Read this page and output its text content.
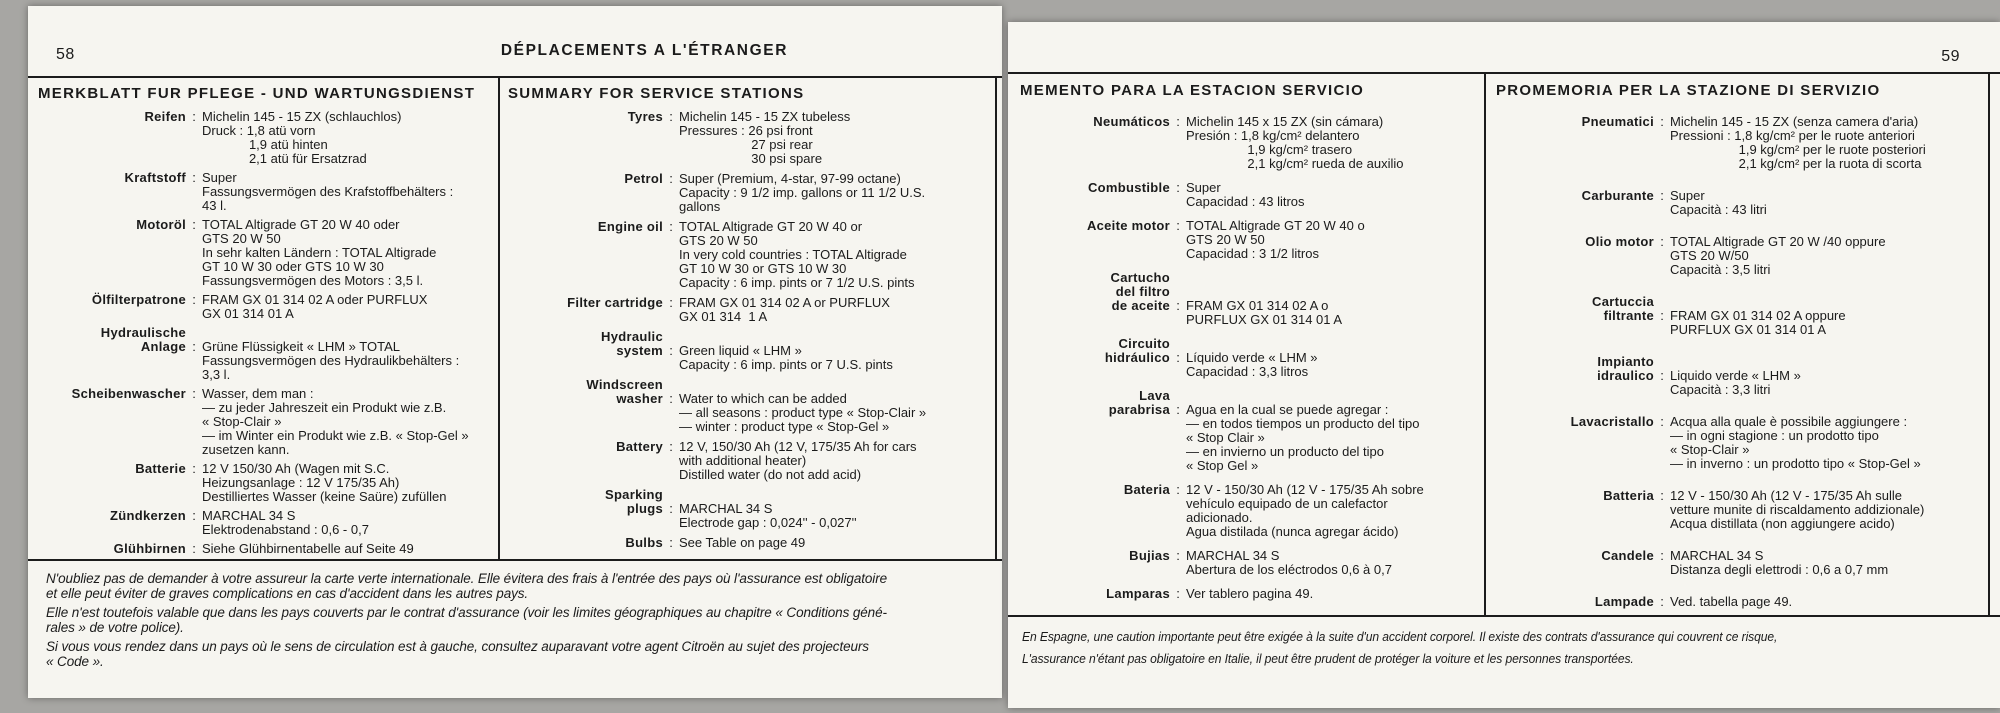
58	DÉPLACEMENTS A L'ÉTRANGER
MERKBLATT FUR PFLEGE - UND WARTUNGSDIENST
Reifen : Michelin 145 - 15 ZX (schlauchlos)
Druck : 1,8 atü vorn
1,9 atü hinten
2,1 atü für Ersatzrad
Kraftstoff : Super
Fassungsvermögen des Krafstoffbehälters :
43 l.
Motoröl : TOTAL Altigrade GT 20 W 40 oder
GTS 20 W 50
In sehr kalten Ländern : TOTAL Altigrade
GT 10 W 30 oder GTS 10 W 30
Fassungsvermögen des Motors : 3,5 l.
Ölfilterpatrone : FRAM GX 01 314 02 A oder PURFLUX
GX 01 314 01 A
Hydraulische
Anlage : Grüne Flüssigkeit « LHM » TOTAL
Fassungsvermögen des Hydraulikbehälters :
3,3 l.
Scheibenwascher : Wasser, dem man :
— zu jeder Jahreszeit ein Produkt wie z.B.
« Stop-Clair »
— im Winter ein Produkt wie z.B. « Stop-Gel »
zusetzen kann.
Batterie : 12 V 150/30 Ah (Wagen mit S.C.
Heizungsanlage : 12 V 175/35 Ah)
Destilliertes Wasser (keine Saüre) zufüllen
Zündkerzen : MARCHAL 34 S
Elektrodenabstand : 0,6 - 0,7
Glühbirnen : Siehe Glühbirnentabelle auf Seite 49
SUMMARY FOR SERVICE STATIONS
Tyres : Michelin 145 - 15 ZX tubeless
Pressures : 26 psi front
27 psi rear
30 psi spare
Petrol : Super (Premium, 4-star, 97-99 octane)
Capacity : 9 1/2 imp. gallons or 11 1/2 U.S.
gallons
Engine oil : TOTAL Altigrade GT 20 W 40 or
GTS 20 W 50
In very cold countries : TOTAL Altigrade
GT 10 W 30 or GTS 10 W 30
Capacity : 6 imp. pints or 7 1/2 U.S. pints
Filter cartridge : FRAM GX 01 314 02 A or PURFLUX
GX 01 314  1 A
Hydraulic
system : Green liquid « LHM »
Capacity : 6 imp. pints or 7 U.S. pints
Windscreen
washer : Water to which can be added
— all seasons : product type « Stop-Clair »
— winter : product type « Stop-Gel »
Battery : 12 V, 150/30 Ah (12 V, 175/35 Ah for cars
with additional heater)
Distilled water (do not add acid)
Sparking
plugs : MARCHAL 34 S
Electrode gap : 0,024'' - 0,027''
Bulbs : See Table on page 49
N'oubliez pas de demander à votre assureur la carte verte internationale. Elle évitera des frais à l'entrée des pays où l'assurance est obligatoire
et elle peut éviter de graves complications en cas d'accident dans les autres pays.
Elle n'est toutefois valable que dans les pays couverts par le contrat d'assurance (voir les limites géographiques au chapitre « Conditions géné-
rales » de votre police).
Si vous vous rendez dans un pays où le sens de circulation est à gauche, consultez auparavant votre agent Citroën au sujet des projecteurs
« Code ».
59
MEMENTO PARA LA ESTACION SERVICIO
Neumáticos : Michelin 145 x 15 ZX (sin cámara)
Presión : 1,8 kg/cm² delantero
1,9 kg/cm² trasero
2,1 kg/cm² rueda de auxilio
Combustible : Super
Capacidad : 43 litros
Aceite motor : TOTAL Altigrade GT 20 W 40 o
GTS 20 W 50
Capacidad : 3 1/2 litros
Cartucho
del filtro
de aceite : FRAM GX 01 314 02 A o
PURFLUX GX 01 314 01 A
Circuito
hidráulico : Líquido verde « LHM »
Capacidad : 3,3 litros
Lava
parabrisa : Agua en la cual se puede agregar :
— en todos tiempos un producto del tipo
« Stop Clair »
— en invierno un producto del tipo
« Stop Gel »
Bateria : 12 V - 150/30 Ah (12 V - 175/35 Ah sobre
vehículo equipado de un calefactor
adicionado.
Agua distilada (nunca agregar ácido)
Bujias : MARCHAL 34 S
Abertura de los eléctrodos 0,6 à 0,7
Lamparas : Ver tablero pagina 49.
PROMEMORIA PER LA STAZIONE DI SERVIZIO
Pneumatici : Michelin 145 - 15 ZX (senza camera d'aria)
Pressioni : 1,8 kg/cm² per le ruote anteriori
1,9 kg/cm² per le ruote posteriori
2,1 kg/cm² per la ruota di scorta
Carburante : Super
Capacità : 43 litri
Olio motor : TOTAL Altigrade GT 20 W /40 oppure
GTS 20 W/50
Capacità : 3,5 litri
Cartuccia
filtrante : FRAM GX 01 314 02 A oppure
PURFLUX GX 01 314 01 A
Impianto
idraulico : Liquido verde « LHM »
Capacità : 3,3 litri
Lavacristallo : Acqua alla quale è possibile aggiungere :
— in ogni stagione : un prodotto tipo
« Stop-Clair »
— in inverno : un prodotto tipo « Stop-Gel »
Batteria : 12 V - 150/30 Ah (12 V - 175/35 Ah sulle
vetture munite di riscaldamento addizionale)
Acqua distillata (non aggiungere acido)
Candele : MARCHAL 34 S
Distanza degli elettrodi : 0,6 a 0,7 mm
Lampade : Ved. tabella page 49.
En Espagne, une caution importante peut être exigée à la suite d'un accident corporel. Il existe des contrats d'assurance qui couvrent ce risque,
L'assurance n'étant pas obligatoire en Italie, il peut être prudent de protéger la voiture et les personnes transportées.
